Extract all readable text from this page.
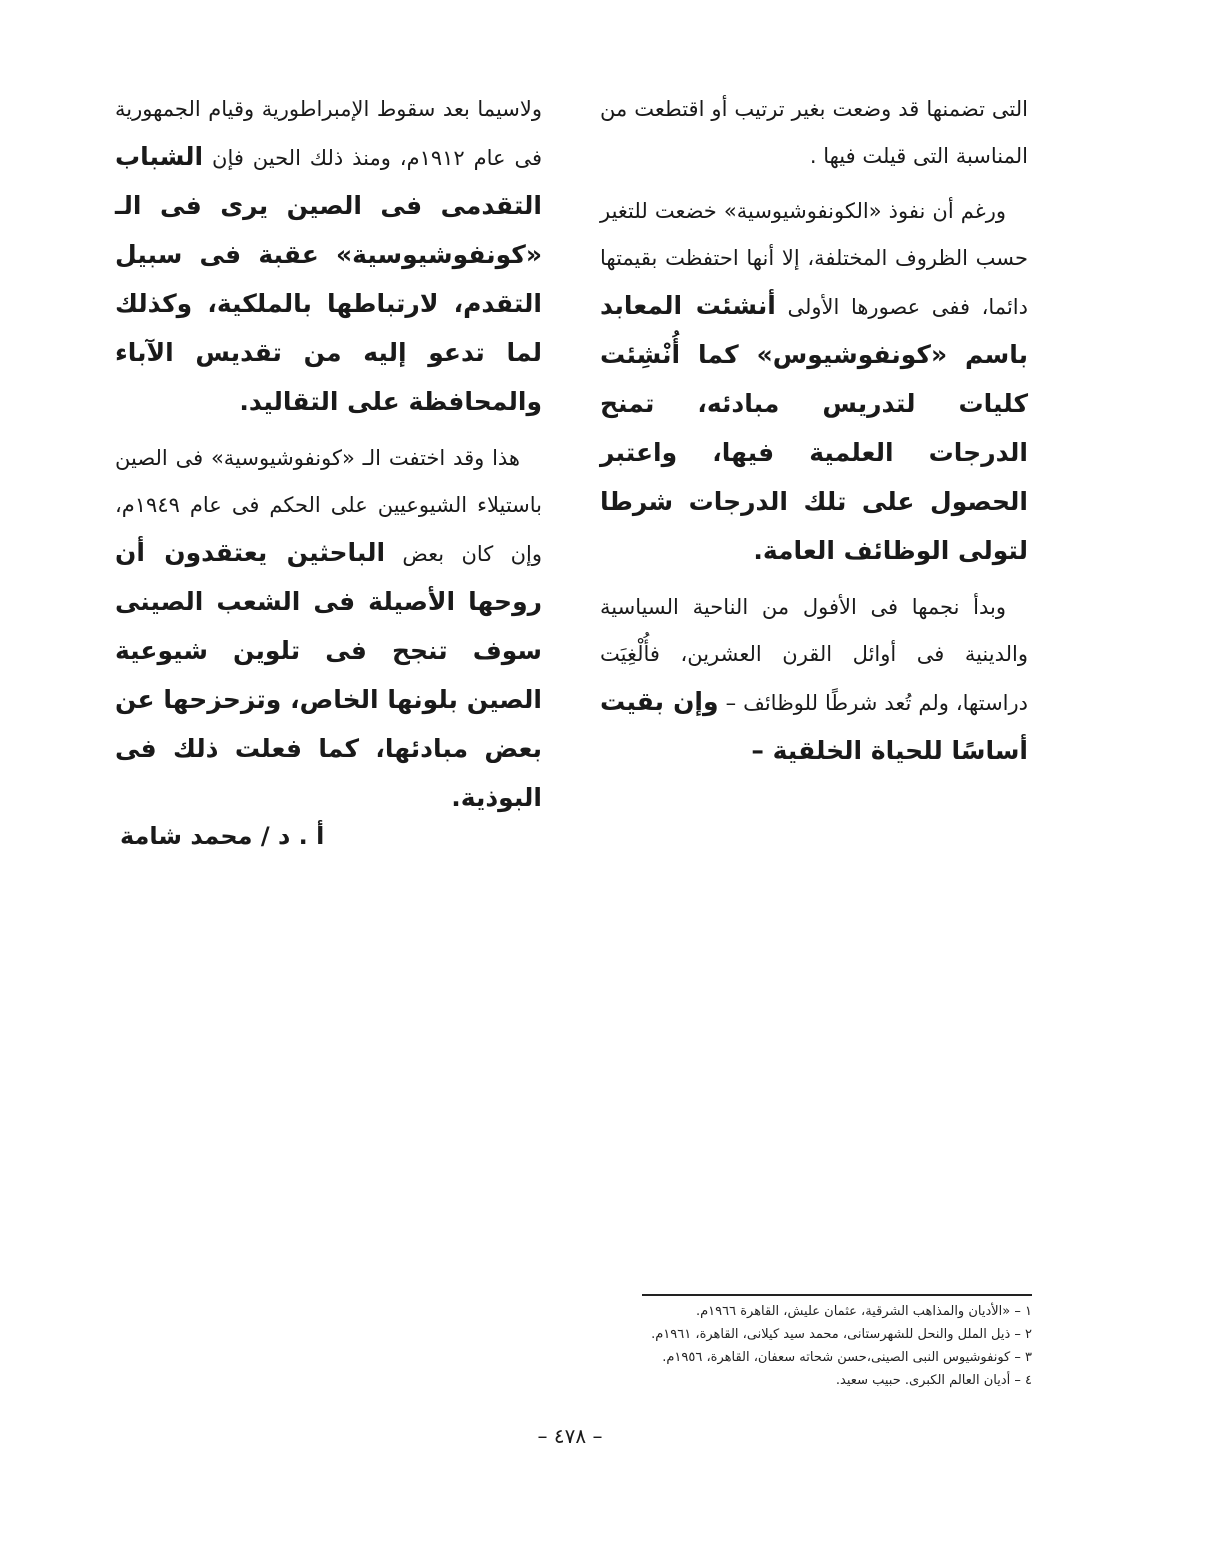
التى تضمنها قد وضعت بغير ترتيب أو اقتطعت من المناسبة التى قيلت فيها .

ورغم أن نفوذ «الكونفوشيوسية» خضعت للتغير حسب الظروف المختلفة، إلا أنها احتفظت بقيمتها دائما، ففى عصورها الأولى أنشئت المعابد باسم «كونفوشيوس» كما أُنْشِئت كليات لتدريس مبادئه، تمنح الدرجات العلمية فيها، واعتبر الحصول على تلك الدرجات شرطا لتولى الوظائف العامة.

وبدأ نجمها فى الأفول من الناحية السياسية والدينية فى أوائل القرن العشرين، فأُلْغِيَت دراستها، ولم تُعد شرطًا للوظائف – وإن بقيت أساسًا للحياة الخلقية –

ولاسيما بعد سقوط الإمبراطورية وقيام الجمهورية فى عام ١٩١٢م، ومنذ ذلك الحين فإن الشباب التقدمى فى الصين يرى فى الـ «كونفوشيوسية» عقبة فى سبيل التقدم، لارتباطها بالملكية، وكذلك لما تدعو إليه من تقديس الآباء والمحافظة على التقاليد.

هذا وقد اختفت الـ «كونفوشيوسية» فى الصين باستيلاء الشيوعيين على الحكم فى عام ١٩٤٩م، وإن كان بعض الباحثين يعتقدون أن روحها الأصيلة فى الشعب الصينى سوف تنجح فى تلوين شيوعية الصين بلونها الخاص، وتزحزحها عن بعض مبادئها، كما فعلت ذلك فى البوذية.

أ . د / محمد شامة
١ – «الأديان والمذاهب الشرقية، عثمان عليش، القاهرة ١٩٦٦م.
٢ – ذيل الملل والنحل للشهرستانى، محمد سيد كيلانى، القاهرة، ١٩٦١م.
٣ – كونفوشيوس النبى الصينى،حسن شحاته سعفان، القاهرة، ١٩٥٦م.
٤ – أديان العالم الكبرى. حبيب سعيد.
– ٤٧٨ –
